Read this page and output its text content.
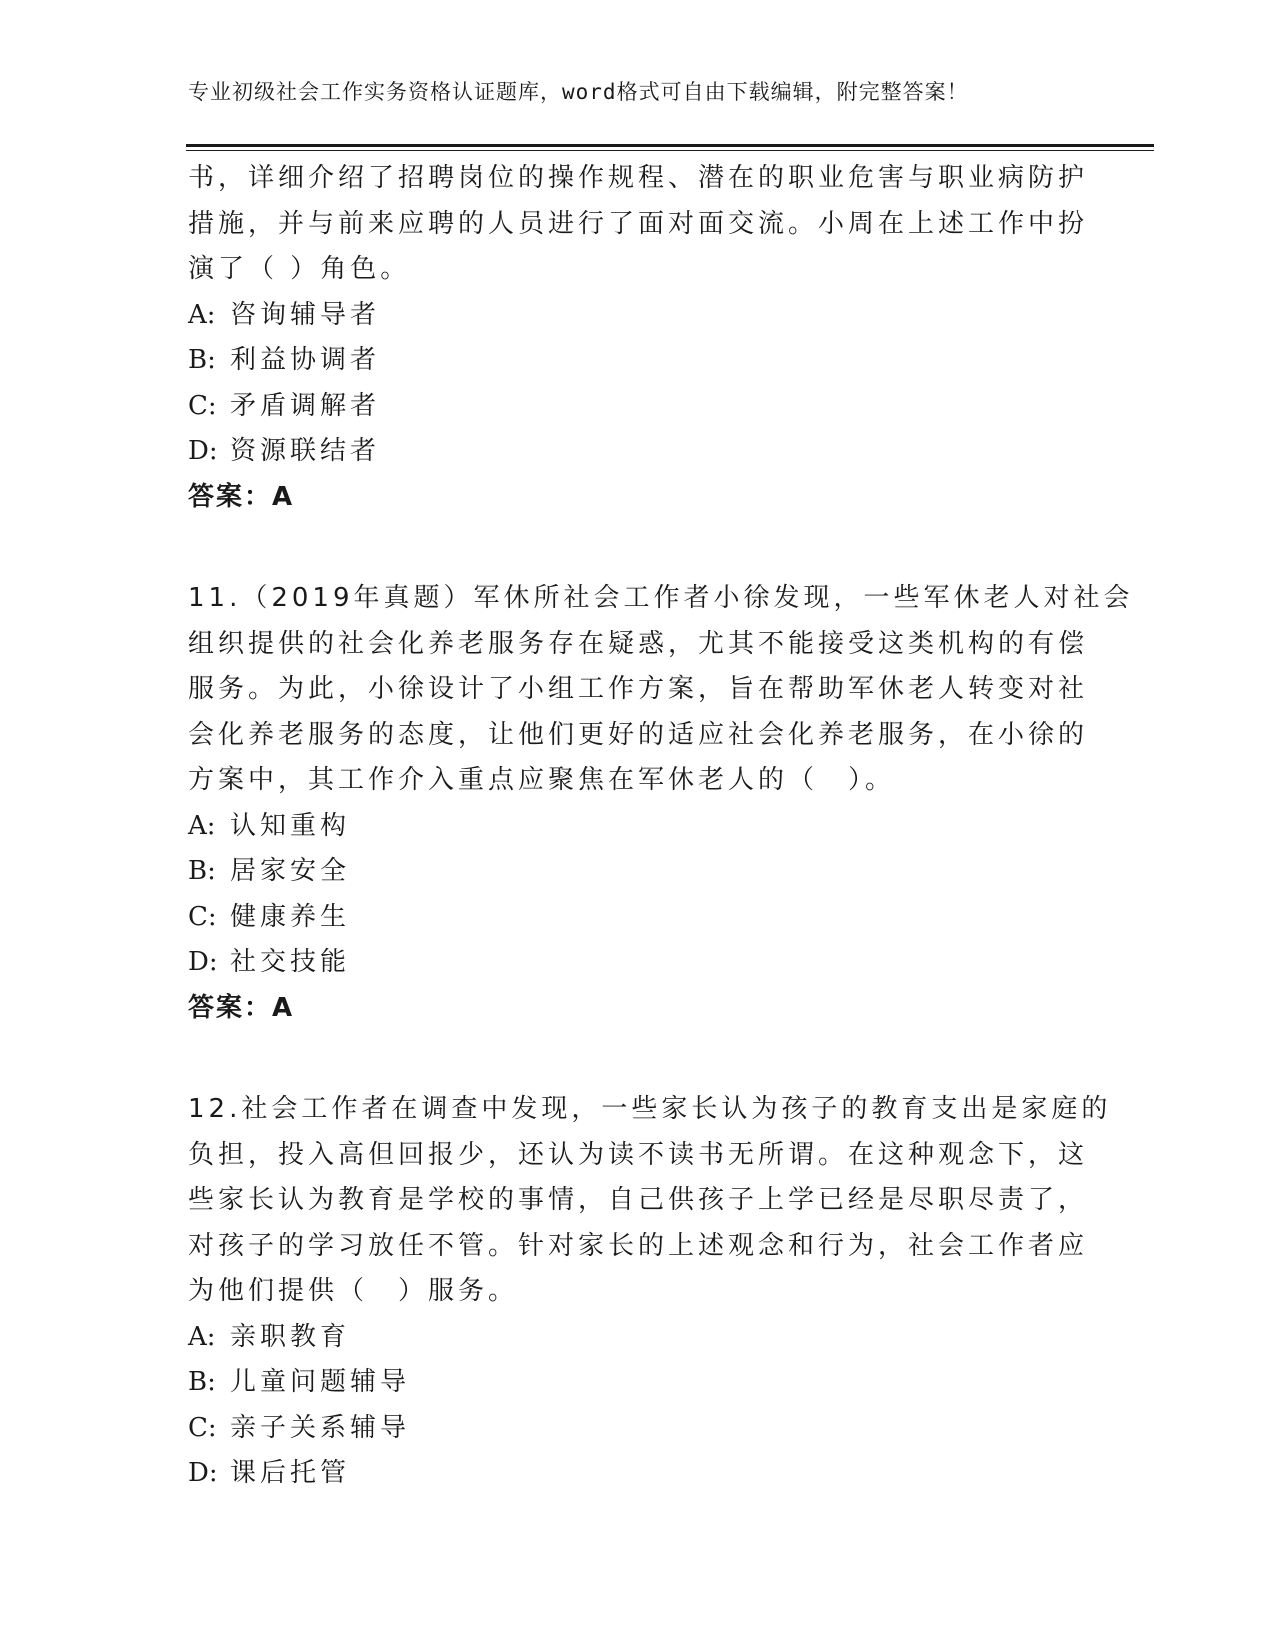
专业初级社会工作实务资格认证题库，word格式可自由下载编辑，附完整答案！
书，详细介绍了招聘岗位的操作规程、潜在的职业危害与职业病防护
措施，并与前来应聘的人员进行了面对面交流。小周在上述工作中扮
演了（ ）角色。
A: 咨询辅导者
B: 利益协调者
C: 矛盾调解者
D: 资源联结者
答案：A
11.（2019年真题）军休所社会工作者小徐发现，一些军休老人对社会
组织提供的社会化养老服务存在疑惑，尤其不能接受这类机构的有偿
服务。为此，小徐设计了小组工作方案，旨在帮助军休老人转变对社
会化养老服务的态度，让他们更好的适应社会化养老服务，在小徐的
方案中，其工作介入重点应聚焦在军休老人的（　）。
A: 认知重构
B: 居家安全
C: 健康养生
D: 社交技能
答案：A
12.社会工作者在调查中发现，一些家长认为孩子的教育支出是家庭的
负担，投入高但回报少，还认为读不读书无所谓。在这种观念下，这
些家长认为教育是学校的事情，自己供孩子上学已经是尽职尽责了，
对孩子的学习放任不管。针对家长的上述观念和行为，社会工作者应
为他们提供（　）服务。
A: 亲职教育
B: 儿童问题辅导
C: 亲子关系辅导
D: 课后托管
